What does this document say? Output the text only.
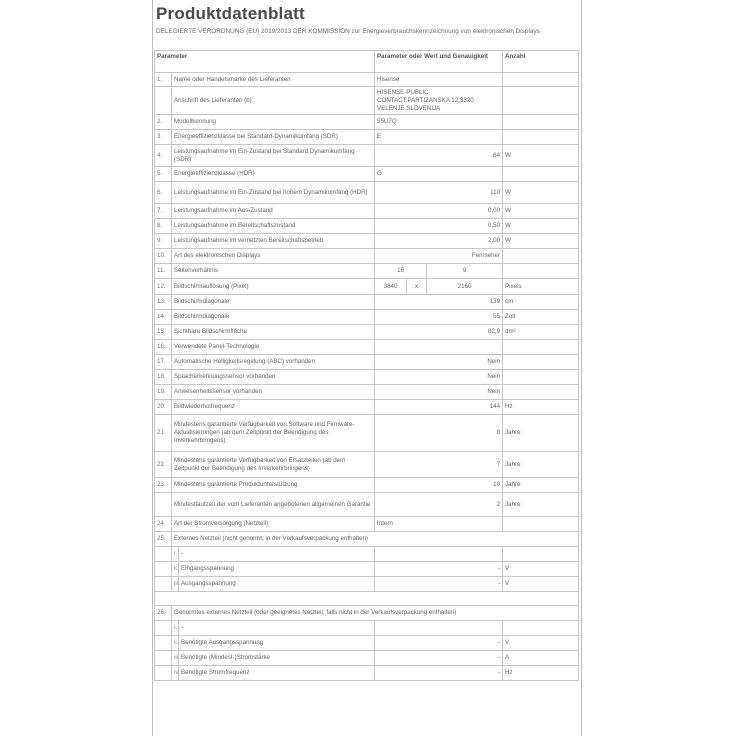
Produktdatenblatt
DELEGIERTE VERORDNUNG (EU) 2019/2013 DER KOMMISSION zur Energieverbrauchskennzeichnung von elektronischen Displays
Parameter			Parameter oder Wert und Genauigkeit			Anzahl
1.	Name oder Handelsmarke des Lieferanten		Hisense			
	Anschrift des Lieferanten (b)		HISENSE-PUBLIC CONTACT,PARTIZANSKA 12,3320 VELENJE,SLOVENIJA			
2.	Modellkennung		55U7Q			
3.	Energieeffizienzklasse bei Standard-Dynamikumfang (SDR)		E			
4.	Leistungsaufnahme im Ein-Zustand bei Standard Dynamikumfang (SDR)		64			W
5.	Energieeffizienzklasse (HDR)		G			
6.	Leistungsaufnahme im Ein-Zustand bei hohem Dynamikumfang (HDR)		110			W
7.	Leistungsaufnahme im Aus-Zustand		0,00			W
8.	Leistungsaufnahme im Bereitschaftszustand		0,50			W
9.	Leistungsaufnahme im vernetzten Bereitschaftsbetrieb		2,00			W
10.	Art des elektronischen Displays		Fernseher			
11.	Seitenverhältnis		16		9	
12.	Bildschirmauflösung (Pixel)		3840	x	2160	Pixels
13.	Bildschirmdiagonale		139			cm
14.	Bildschirmdiagonale		55			Zoll
15.	Sichtbare Bildschirmfläche		82,9			dm²
16.	Verwendete Panel-Technologie					
17.	Automatische Helligkeitsregelung (ABC) vorhanden		Nein			
18.	Spracherkennungssensor vorhanden		Nein			
19.	Anwesenheitssensor vorhanden		Nein			
20.	Bildwiederholfrequenz		144			Hz
21.	Mindestens garantierte Verfügbarkeit von Software und Firmware-Aktualisierungen (ab dem Zeitpunkt der Beendigung des Inverkehrbringens)		8			Jahre
22.	Mindestens garantierte Verfügbarkeit von Ersatzteilen (ab dem Zeitpunkt der Beendigung des Inverkehrbringens)		7			Jahre
23.	Mindestens garantierte Produktunterstützung		10			Jahre
	Mindestlaufzeit der vom Lieferanten angebotenen allgemeinen Garantie		2			Jahre
24.	Art der Stromversorgung (Netzteil)		Intern			
25.	Externes Netzteil (nicht genormt, in der Verkaufsverpackung enthalten)					
	i.	-				
	ii.	Eingangsspannung	-			V
	iii.	Ausgangsspannung	-			V

26.	Genormtes externes Netzteil (oder geeignetes Netzteil, falls nicht in der Verkaufsverpackung enthalten)					
	i.	-				
	ii.	Benötigte Ausgangsspannung	-			V
	iii.	Benötigte (Mindest-)Stromstärke	-			A
	iv.	Benötigte Stromfrequenz	-			Hz
